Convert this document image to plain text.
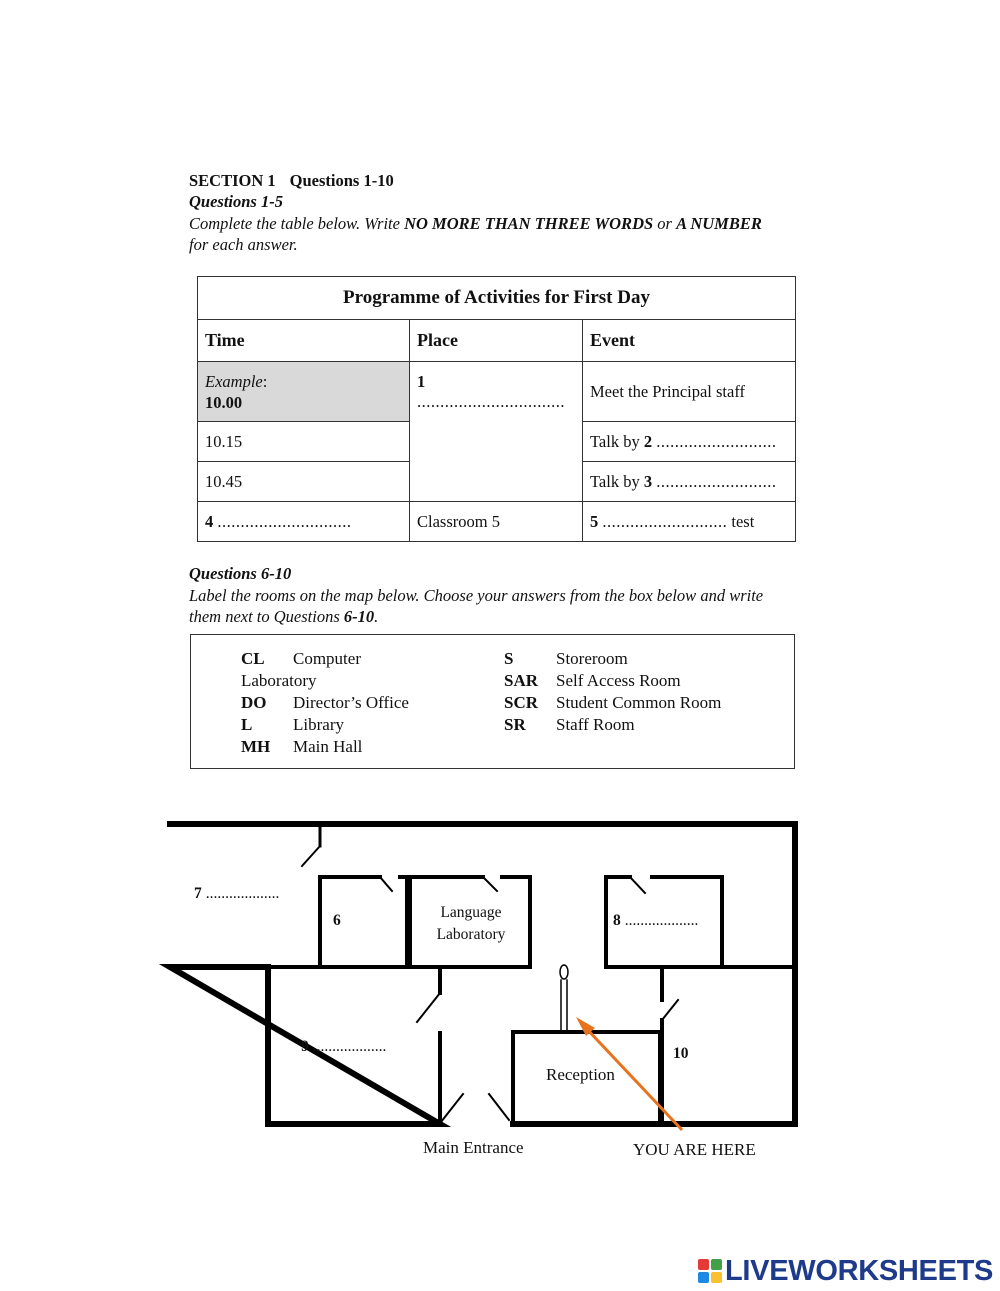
SECTION 1 Questions 1-10
Questions 1-5
Complete the table below. Write NO MORE THAN THREE WORDS or A NUMBER
for each answer.
Programme of Activities for First Day		
Time	Place	Event
Example:
10.00	1 ................................	Meet the Principal staff
10.15		Talk by 2 ..........................
10.45		Talk by 3 ..........................
4 .............................	Classroom 5	5 ........................... test
Questions 6-10
Label the rooms on the map below. Choose your answers from the box below and write
them next to Questions 6-10.
CL Computer
Laboratory
DO Director’s Office
L Library
MH Main Hall
S	Storeroom
SAR Self Access Room
SCR Student Common Room
SR Staff Room
7 ...................
6	Language
Laboratory
8 ...................
9 ...................
Reception
10
Main Entrance	YOU ARE HERE
LIVEWORKSHEETS
